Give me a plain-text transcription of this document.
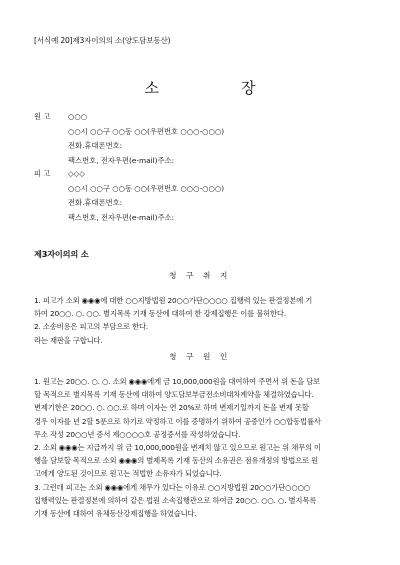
[서식예 20]제3자이의의 소(양도담보동산)
소	장
원 고	○○○
○○시 ○○구 ○○동 ○○(우편번호 ○○○-○○○)
전화.휴대폰번호:
팩스번호, 전자우편(e-mail)주소:
피 고	◇◇◇
○○시 ○○구 ○○동 ○○(우편번호 ○○○-○○○)
전화.휴대폰번호:
팩스번호, 전자우편(e-mail)주소:
제3자이의의 소
청 구 취 지
1. 피고가 소외 ◉◉◉에 대한 ○○지방법원 20○○가단○○○○ 집행력 있는 판결정본에 기
하여 20○○. ○. ○○. 별지목록 기재 동산에 대하여 한 강제집행은 이를 불허한다.
2. 소송비용은 피고의 부담으로 한다.
라는 재판을 구합니다.
청 구 원 인
1. 원고는 20○○. ○. ○. 소외 ◉◉◉에게 금 10,000,000원을 대여하여 주면서 위 돈을 담보
할 목적으로 별지목록 기재 동산에 대하여 양도담보부금전소비대차계약을 체결하였습니다.
변제기한은 20○○. ○. ○○.로 하며 이자는 연 20%로 하며 변제기일까지 돈을 변제 못할
경우 이자를 년 2할 5푼으로 하기로 약정하고 이를 증명하기 위하여 공증인가 ○○합동법률사
무소 작성 20○○년 증서 제○○○○호 공정증서를 작성하였습니다.
2. 소외 ◉◉◉는 지급까지 위 금 10,000,000원을 변제치 않고 있으므로 원고는 위 채무의 이
행을 담보할 목적으로 소외 ◉◉◉의 별제목록 기재 동산의 소유권은 점유개정의 방법으로 원
고에게 양도된 것이므로 원고는 적법한 소유자가 되었습니다.
3. 그런데 피고는 소외 ◉◉◉에게 채무가 있다는 이유로 ○○지방법원 20○○가단○○○○
집행력있는 판결정본에 의하여 같은 법원 소속집행관으로 하여금 20○○. ○○. ○. 별지목록
기재 동산에 대하여 유체동산강제집행을 하였습니다.
